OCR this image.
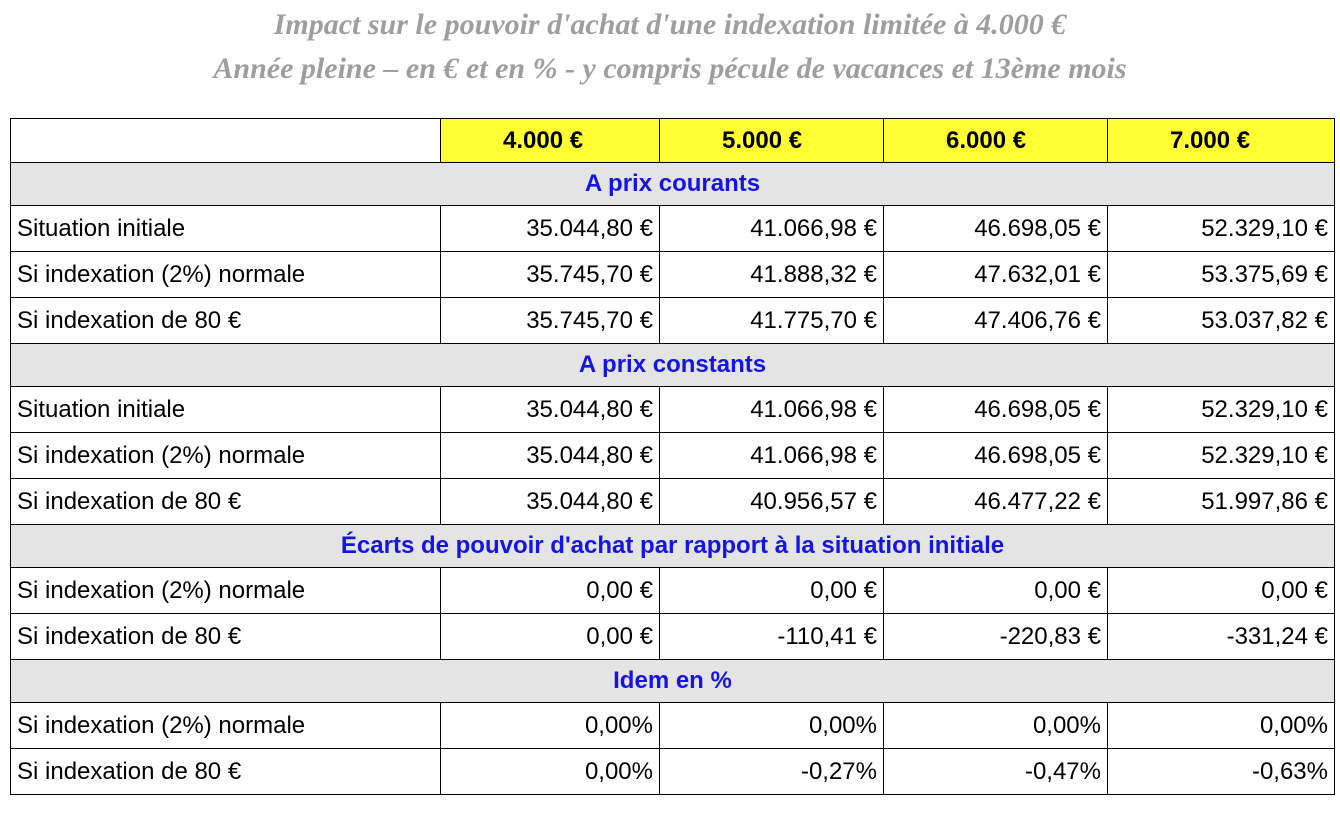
Impact sur le pouvoir d'achat d'une indexation limitée à 4.000 €
Année pleine – en € et en % - y compris pécule de vacances et 13ème mois
	4.000 €	5.000 €	6.000 €	7.000 €
A prix courants				
Situation initiale	35.044,80 €	41.066,98 €	46.698,05 €	52.329,10 €
Si indexation (2%) normale	35.745,70 €	41.888,32 €	47.632,01 €	53.375,69 €
Si indexation de 80 €	35.745,70 €	41.775,70 €	47.406,76 €	53.037,82 €
A prix constants				
Situation initiale	35.044,80 €	41.066,98 €	46.698,05 €	52.329,10 €
Si indexation (2%) normale	35.044,80 €	41.066,98 €	46.698,05 €	52.329,10 €
Si indexation de 80 €	35.044,80 €	40.956,57 €	46.477,22 €	51.997,86 €
Écarts de pouvoir d'achat par rapport à la situation initiale				
Si indexation (2%) normale	0,00 €	0,00 €	0,00 €	0,00 €
Si indexation de 80 €	0,00 €	-110,41 €	-220,83 €	-331,24 €
Idem en %				
Si indexation (2%) normale	0,00%	0,00%	0,00%	0,00%
Si indexation de 80 €	0,00%	-0,27%	-0,47%	-0,63%
